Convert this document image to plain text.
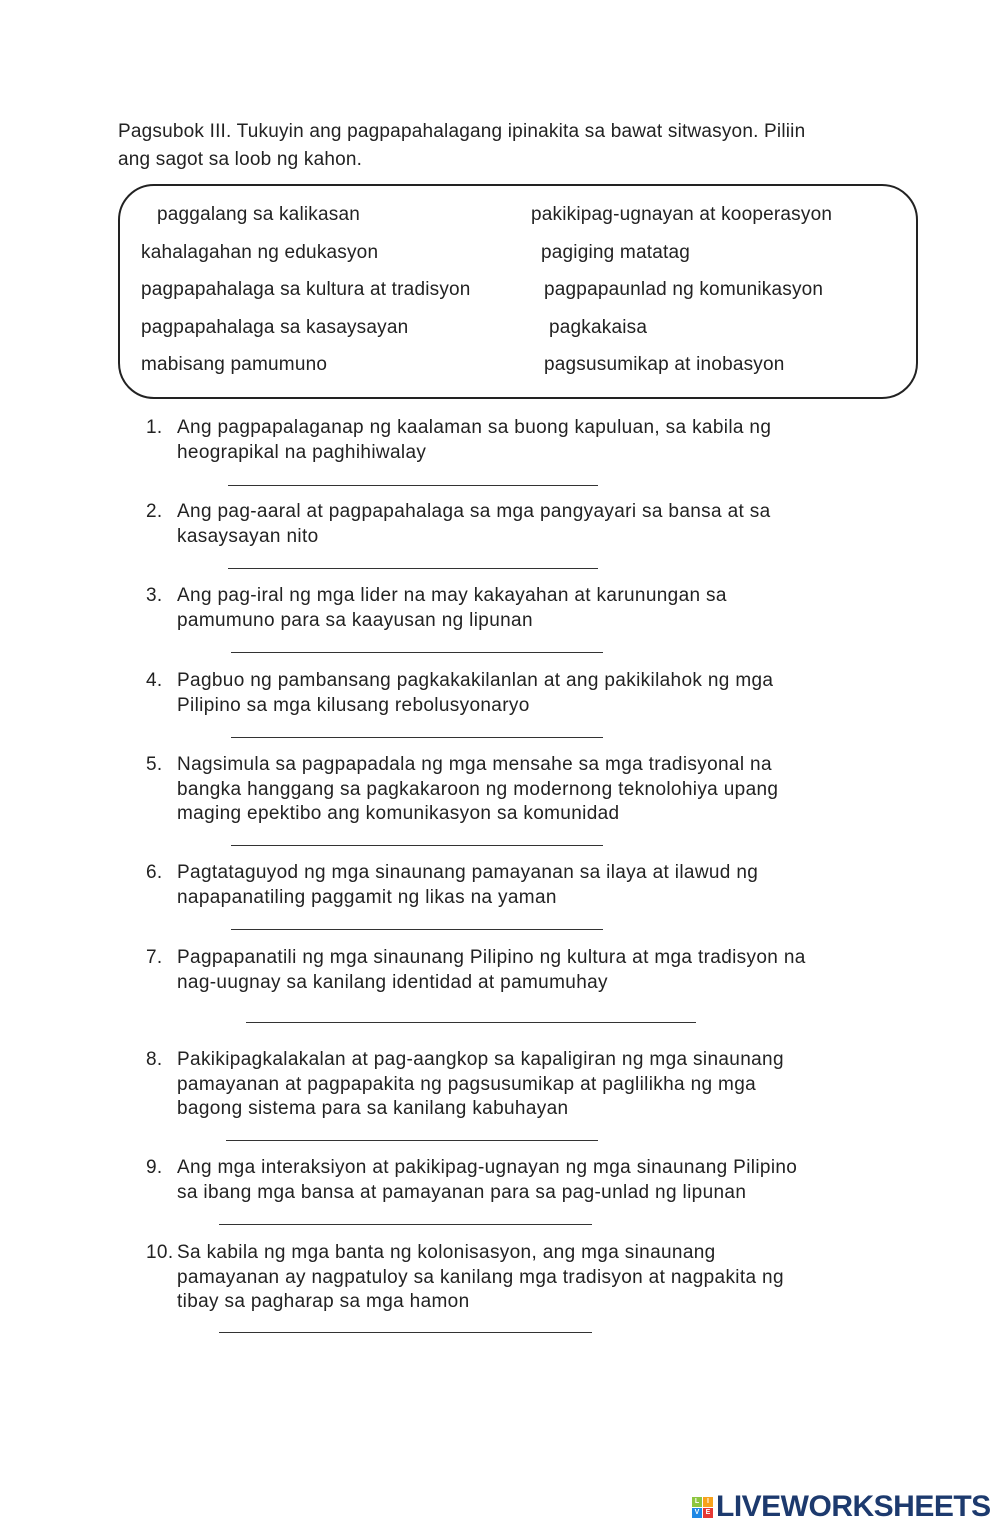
Pagsubok III. Tukuyin ang pagpapahalagang ipinakita sa bawat sitwasyon. Piliin
ang sagot sa loob ng kahon.
paggalang sa kalikasan
kahalagahan ng edukasyon
pagpapahalaga sa kultura at tradisyon
pagpapahalaga sa kasaysayan
mabisang pamumuno
pakikipag-ugnayan at kooperasyon
pagiging matatag
pagpapaunlad ng komunikasyon
pagkakaisa
pagsusumikap at inobasyon
1. Ang pagpapalaganap ng kaalaman sa buong kapuluan, sa kabila ng
heograpikal na paghihiwalay
2. Ang pag-aaral at pagpapahalaga sa mga pangyayari sa bansa at sa
kasaysayan nito
3. Ang pag-iral ng mga lider na may kakayahan at karunungan sa
pamumuno para sa kaayusan ng lipunan
4. Pagbuo ng pambansang pagkakakilanlan at ang pakikilahok ng mga
Pilipino sa mga kilusang rebolusyonaryo
5. Nagsimula sa pagpapadala ng mga mensahe sa mga tradisyonal na
bangka hanggang sa pagkakaroon ng modernong teknolohiya upang
maging epektibo ang komunikasyon sa komunidad
6. Pagtataguyod ng mga sinaunang pamayanan sa ilaya at ilawud ng
napapanatiling paggamit ng likas na yaman
7. Pagpapanatili ng mga sinaunang Pilipino ng kultura at mga tradisyon na
nag-uugnay sa kanilang identidad at pamumuhay
8. Pakikipagkalakalan at pag-aangkop sa kapaligiran ng mga sinaunang
pamayanan at pagpapakita ng pagsusumikap at paglilikha ng mga
bagong sistema para sa kanilang kabuhayan
9. Ang mga interaksiyon at pakikipag-ugnayan ng mga sinaunang Pilipino
sa ibang mga bansa at pamayanan para sa pag-unlad ng lipunan
10. Sa kabila ng mga banta ng kolonisasyon, ang mga sinaunang
pamayanan ay nagpatuloy sa kanilang mga tradisyon at nagpakita ng
tibay sa pagharap sa mga hamon
L	I
V E LIVEWORKSHEETS
